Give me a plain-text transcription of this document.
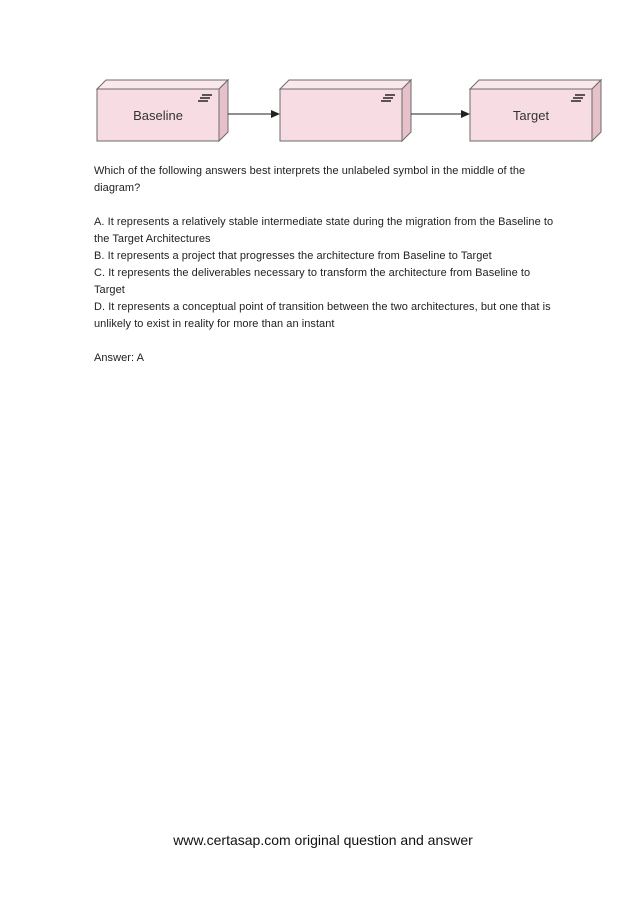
Baseline	Target

Which of the following answers best interprets the unlabeled symbol in the middle of the diagram?

A. It represents a relatively stable intermediate state during the migration from the Baseline to the Target Architectures

B. It represents a project that progresses the architecture from Baseline to Target

C. It represents the deliverables necessary to transform the architecture from Baseline to Target

D. It represents a conceptual point of transition between the two architectures, but one that is unlikely to exist in reality for more than an instant

Answer: A

www.certasap.com original question and answer
